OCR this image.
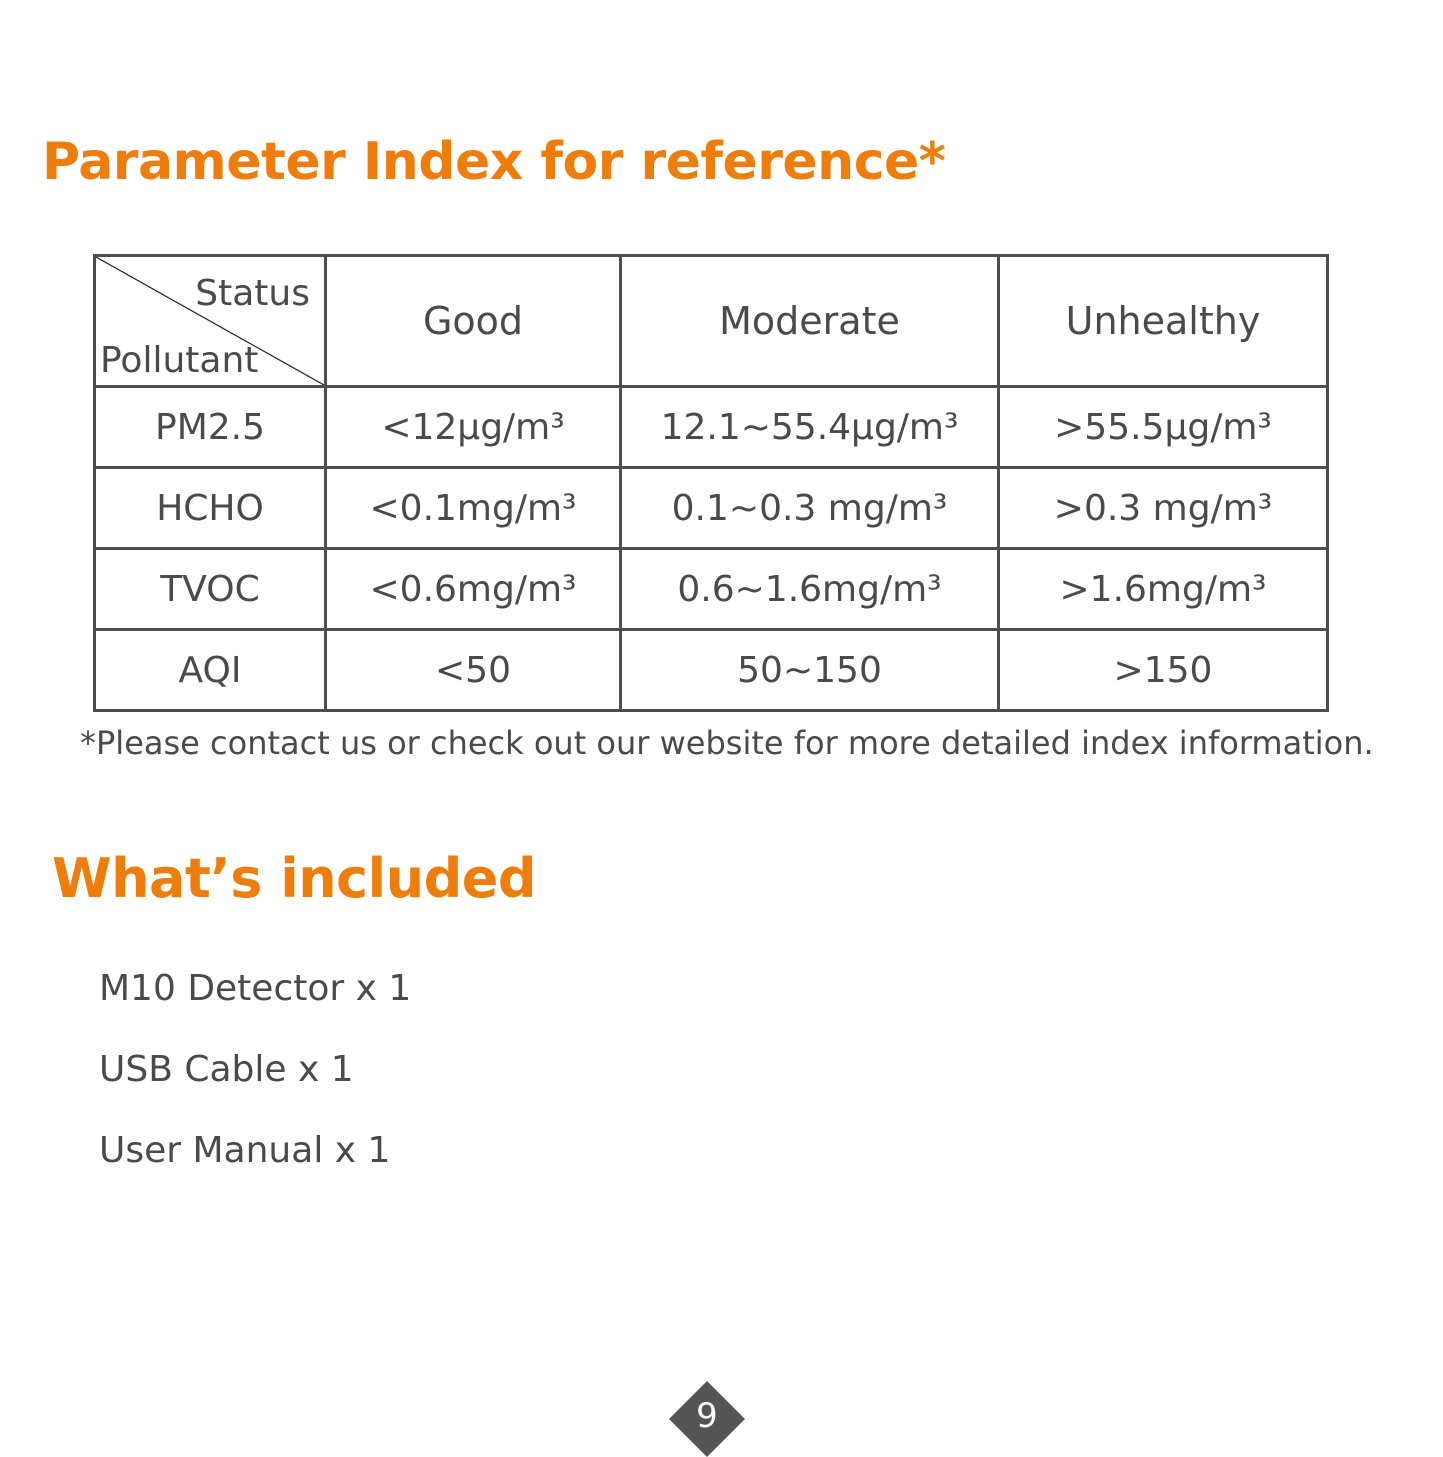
Parameter Index for reference*
Status
Pollutant	Good	Moderate	Unhealthy
PM2.5	<12µg/m³	12.1~55.4µg/m³	>55.5µg/m³
HCHO	<0.1mg/m³	0.1~0.3 mg/m³	>0.3 mg/m³
TVOC	<0.6mg/m³	0.6~1.6mg/m³	>1.6mg/m³
AQI	<50	50~150	>150
*Please contact us or check out our website for more detailed index information.
What’s included
M10 Detector x 1
USB Cable x 1
User Manual x 1
9
